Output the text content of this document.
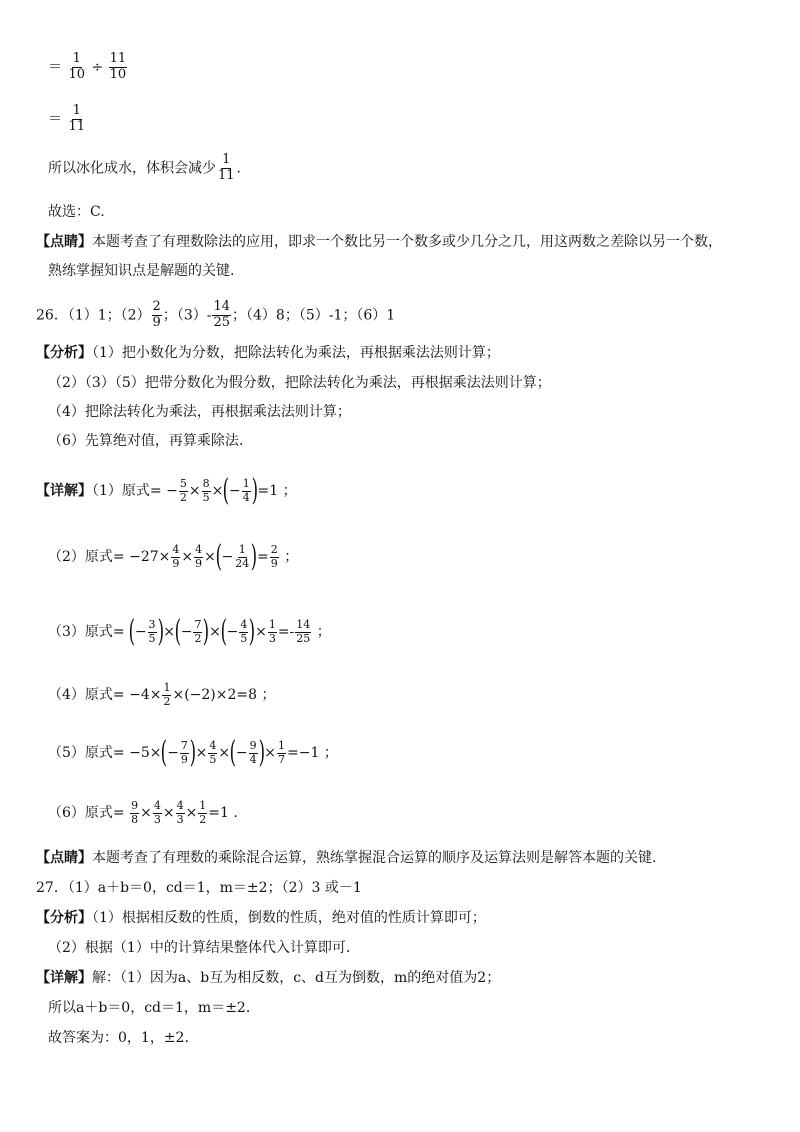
＝ $\frac{1}{10} \div \frac{11}{10}$
＝ $\frac{1}{11}$
所以冰化成水，体积会减少 $\frac{1}{11}$ .
故选：C.
【点睛】本题考查了有理数除法的应用，即求一个数比另一个数多或少几分之几，用这两数之差除以另一个数，
熟练掌握知识点是解题的关键.
26．（1）1；$(2) \frac{2}{9}$ ；$(3)- \frac{14}{25}$ ；（4）8；（5）-1；（6）1
【分析】（1）把小数化为分数，把除法转化为乘法，再根据乘法法则计算；
（2）（3）（5）把带分数化为假分数，把除法转化为乘法，再根据乘法法则计算；
（4）把除法转化为乘法，再根据乘法法则计算；
（6）先算绝对值，再算乘除法.
【详解】（1）原式= − $\frac{5}{2} \times \frac{8}{5}$ ×(− $\frac{1}{4} )=1$ ；
（2）原式= $-27\times \frac{4}{9} \times \frac{4}{9}$ ×(− $\frac{1}{24}$ )= $\frac{2}{9}$ ；
（3）原式= (− $\frac{3}{5}$ )×(− $\frac{7}{2}$ )×(− $\frac{4}{5}$ )× $\frac{1}{3} =- \frac{14}{25}$ ；
（4）原式= $-4\times \frac{1}{2} \times(-2)\times 2=8$ ；
（5）原式= $-5\times(- \frac{7}{9}$ )× $\frac{4}{5}$ ×(− $\frac{9}{4}$ )× $\frac{1}{7} =-1$ ；
（6）原式= $\frac{9}{8} \times \frac{4}{3} \times \frac{4}{3} \times \frac{1}{2} =1$ .
【点睛】本题考查了有理数的乘除混合运算，熟练掌握混合运算的顺序及运算法则是解答本题的关键.
27．（1）a＋b＝0，cd＝1，m＝±2；（2）3 或－1
【分析】（1）根据相反数的性质，倒数的性质，绝对值的性质计算即可；
（2）根据（1）中的计算结果整体代入计算即可.
【详解】解：（1）因为a、b互为相反数，c、d互为倒数，m的绝对值为2；
所以a＋b＝0，cd＝1，m＝±2.
故答案为：0，1，±2.
